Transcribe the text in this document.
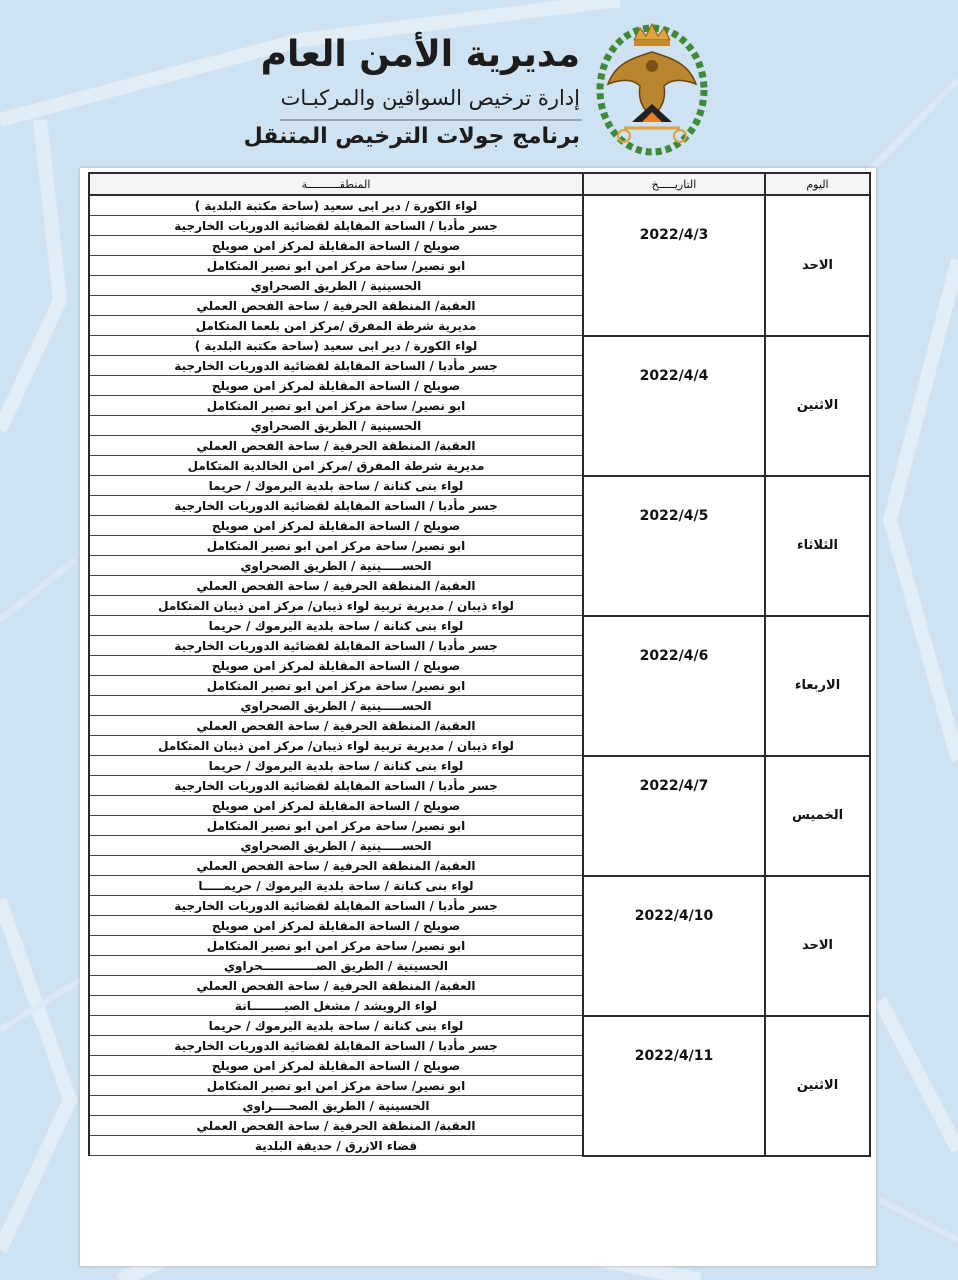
مديرية الأمن العام
إدارة ترخيص السواقين والمركبـات
برنامج جولات الترخيص المتنقل
المنطقــــــــــة	التاريـــــخ	اليوم
لواء الكورة / دير ابى سعيد (ساحة مكتبة البلدية )	2022/4/3	الاحد
جسر مأدبا / الساحة المقابلة لقضائية الدوريات الخارجية		
صويلح / الساحة المقابلة لمركز امن صويلح		
ابو نصير/ ساحة مركز امن ابو نصير المتكامل		
الحسينية / الطريق الصحراوي		
العقبة/ المنطقة الحرفية / ساحة الفحص العملي		
مديرية شرطة المفرق /مركز امن بلعما المتكامل		
لواء الكورة / دير ابى سعيد (ساحة مكتبة البلدية )	2022/4/4	الاثنين
جسر مأدبا / الساحة المقابلة لقضائية الدوريات الخارجية		
صويلح / الساحة المقابلة لمركز امن صويلح		
ابو نصير/ ساحة مركز امن ابو نصير المتكامل		
الحسينية / الطريق الصحراوي		
العقبة/ المنطقة الحرفية / ساحة الفحص العملي		
مديرية شرطة المفرق /مركز امن الخالدية المتكامل		
لواء بنى كنانة / ساحة بلدية اليرموك / حريما	2022/4/5	الثلاثاء
جسر مأدبا / الساحة المقابلة لقضائية الدوريات الخارجية		
صويلح / الساحة المقابلة لمركز امن صويلح		
ابو نصير/ ساحة مركز امن ابو نصير المتكامل		
الحســـــينية / الطريق الصحراوي		
العقبة/ المنطقة الحرفية / ساحة الفحص العملي		
لواء ذيبان / مديرية تربية لواء ذيبان/ مركز امن ذيبان المتكامل		
لواء بنى كنانة / ساحة بلدية اليرموك / حريما	2022/4/6	الاربعاء
جسر مأدبا / الساحة المقابلة لقضائية الدوريات الخارجية		
صويلح / الساحة المقابلة لمركز امن صويلح		
ابو نصير/ ساحة مركز امن ابو نصير المتكامل		
الحســـــينية / الطريق الصحراوي		
العقبة/ المنطقة الحرفية / ساحة الفحص العملي		
لواء ذيبان / مديرية تربية لواء ذيبان/ مركز امن ذيبان المتكامل		
لواء بنى كنانة / ساحة بلدية اليرموك / حريما	2022/4/7	الخميس
جسر مأدبا / الساحة المقابلة لقضائية الدوريات الخارجية		
صويلح / الساحة المقابلة لمركز امن صويلح		
ابو نصير/ ساحة مركز امن ابو نصير المتكامل		
الحســـــينية / الطريق الصحراوي		
العقبة/ المنطقة الحرفية / ساحة الفحص العملي		
لواء بنى كنانة / ساحة بلدية اليرموك / حريمـــــا	2022/4/10	الاحد
جسر مأدبا / الساحة المقابلة لقضائية الدوريات الخارجية		
صويلح / الساحة المقابلة لمركز امن صويلح		
ابو نصير/ ساحة مركز امن ابو نصير المتكامل		
الحسينية / الطريق الصـــــــــــــحراوي		
العقبة/ المنطقة الحرفية / ساحة الفحص العملي		
لواء الرويشد / مشغل الصيــــــــانة		
لواء بنى كنانة / ساحة بلدية اليرموك / حريما	2022/4/11	الاثنين
جسر مأدبا / الساحة المقابلة لقضائية الدوريات الخارجية		
صويلح / الساحة المقابلة لمركز امن صويلح		
ابو نصير/ ساحة مركز امن ابو نصير المتكامل		
الحسينية / الطريق الصحــــراوي		
العقبة/ المنطقة الحرفية / ساحة الفحص العملي		
قضاء الازرق / حديقة البلدية		
